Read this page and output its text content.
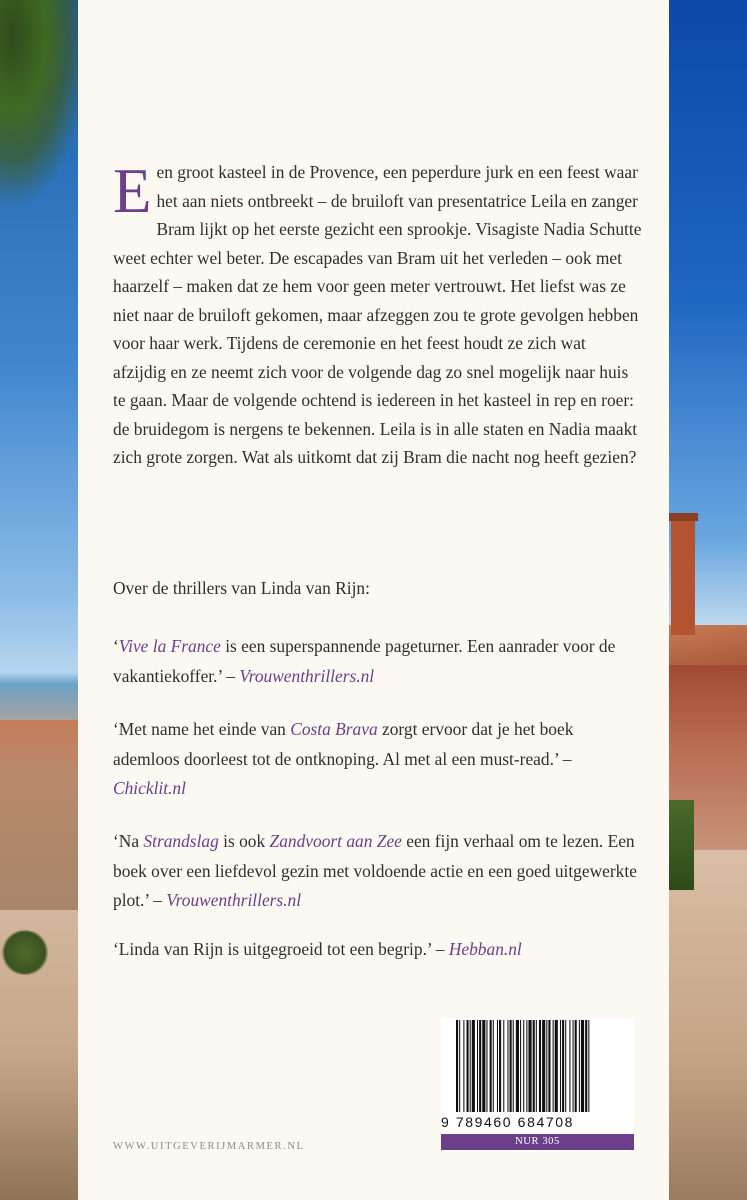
Een groot kasteel in de Provence, een peperdure jurk en een feest waar het aan niets ontbreekt – de bruiloft van presentatrice Leila en zanger Bram lijkt op het eerste gezicht een sprookje. Visagiste Nadia Schutte weet echter wel beter. De escapades van Bram uit het verleden – ook met haarzelf – maken dat ze hem voor geen meter vertrouwt. Het liefst was ze niet naar de bruiloft gekomen, maar afzeggen zou te grote gevolgen hebben voor haar werk. Tijdens de ceremonie en het feest houdt ze zich wat afzijdig en ze neemt zich voor de volgende dag zo snel mogelijk naar huis te gaan. Maar de volgende ochtend is iedereen in het kasteel in rep en roer: de bruidegom is nergens te bekennen. Leila is in alle staten en Nadia maakt zich grote zorgen. Wat als uitkomt dat zij Bram die nacht nog heeft gezien?

Over de thrillers van Linda van Rijn:

‘Vive la France is een superspannende pageturner. Een aanrader voor de vakantiekoffer.’ – Vrouwenthrillers.nl

‘Met name het einde van Costa Brava zorgt ervoor dat je het boek ademloos doorleest tot de ontknoping. Al met al een must-read.’ – Chicklit.nl

‘Na Strandslag is ook Zandvoort aan Zee een fijn verhaal om te lezen. Een boek over een liefdevol gezin met voldoende actie en een goed uitgewerkte plot.’ – Vrouwenthrillers.nl

‘Linda van Rijn is uitgegroeid tot een begrip.’ – Hebban.nl

WWW.UITGEVERIJMARMER.NL
9 789460 684708
NUR 305
